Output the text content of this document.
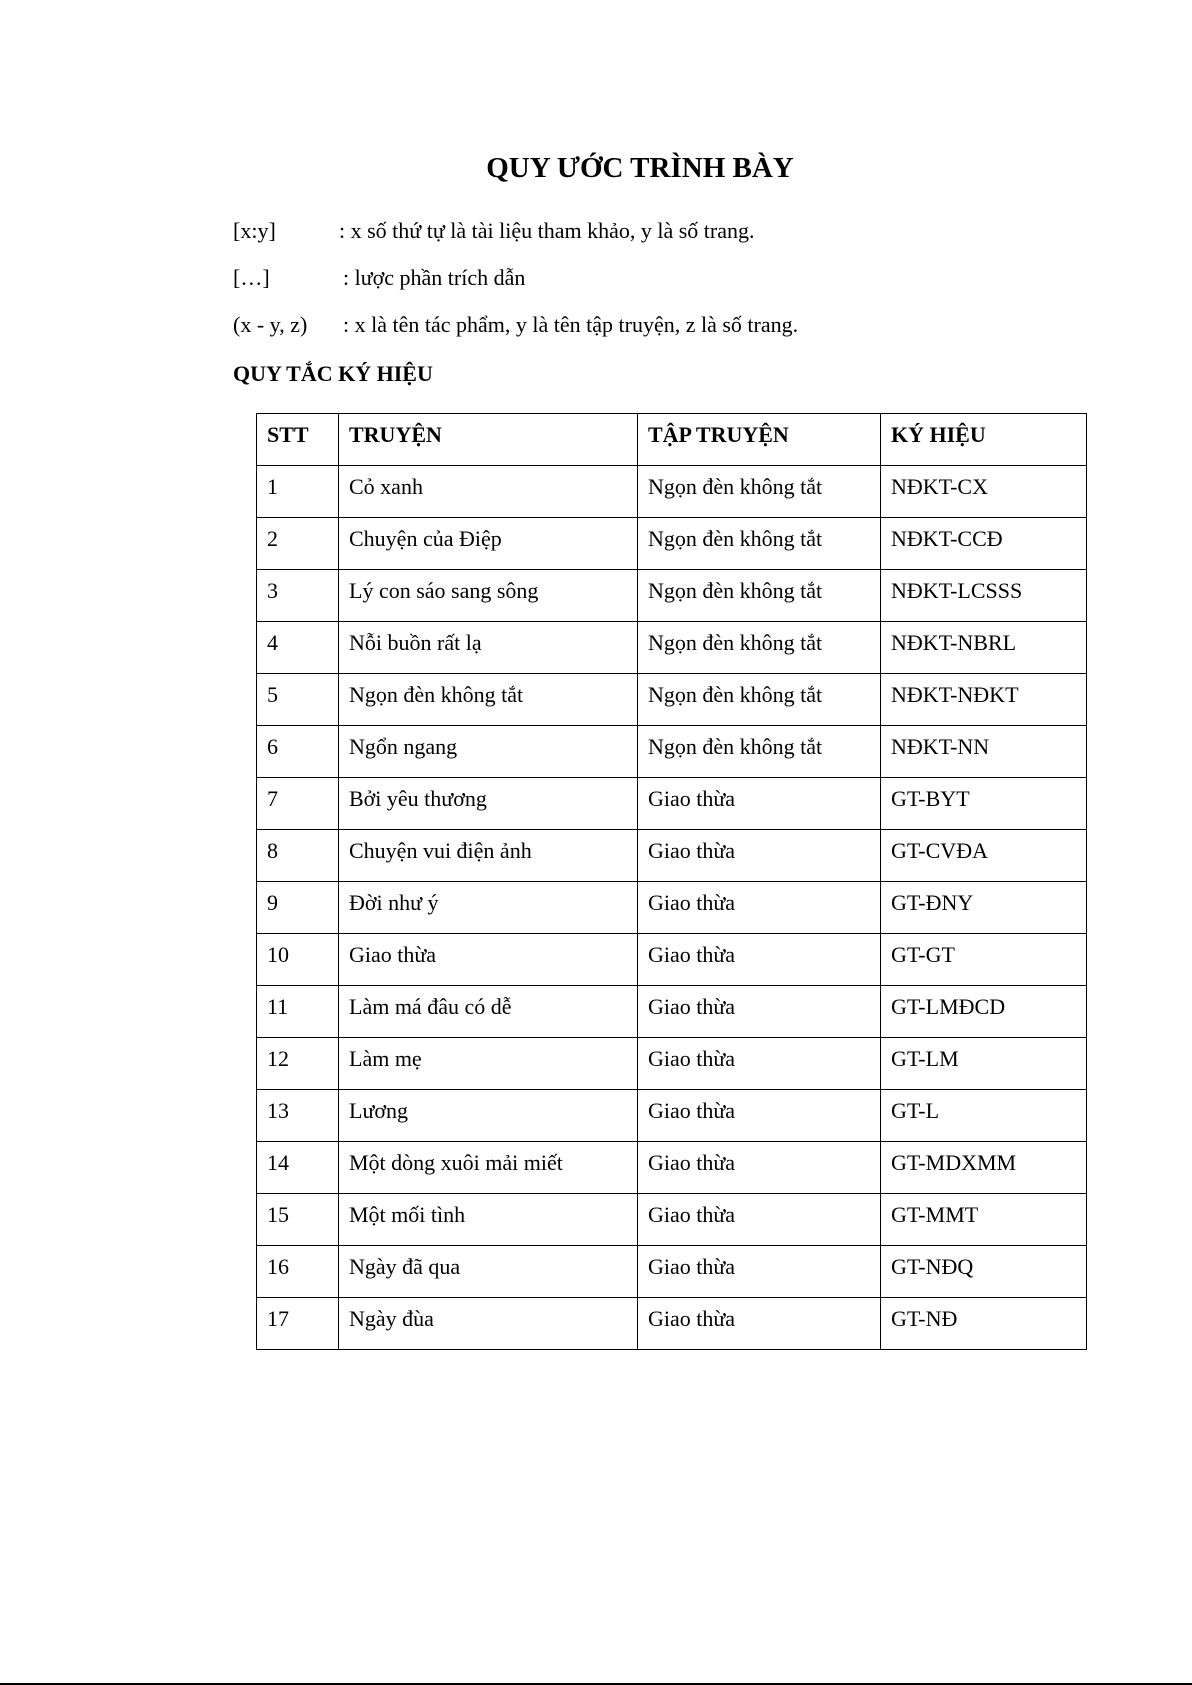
QUY ƯỚC TRÌNH BÀY
[x:y]	: x số thứ tự là tài liệu tham khảo, y là số trang.
[…]	: lược phần trích dẫn
(x - y, z) : x là tên tác phẩm, y là tên tập truyện, z là số trang.
QUY TẮC KÝ HIỆU
STT	TRUYỆN	TẬP TRUYỆN	KÝ HIỆU
1	Cỏ xanh	Ngọn đèn không tắt	NĐKT-CX
2	Chuyện của Điệp	Ngọn đèn không tắt	NĐKT-CCĐ
3	Lý con sáo sang sông	Ngọn đèn không tắt	NĐKT-LCSSS
4	Nỗi buồn rất lạ	Ngọn đèn không tắt	NĐKT-NBRL
5	Ngọn đèn không tắt	Ngọn đèn không tắt	NĐKT-NĐKT
6	Ngổn ngang	Ngọn đèn không tắt	NĐKT-NN
7	Bởi yêu thương	Giao thừa	GT-BYT
8	Chuyện vui điện ảnh	Giao thừa	GT-CVĐA
9	Đời như ý	Giao thừa	GT-ĐNY
10	Giao thừa	Giao thừa	GT-GT
11	Làm má đâu có dễ	Giao thừa	GT-LMĐCD
12	Làm mẹ	Giao thừa	GT-LM
13	Lương	Giao thừa	GT-L
14	Một dòng xuôi mải miết	Giao thừa	GT-MDXMM
15	Một mối tình	Giao thừa	GT-MMT
16	Ngày đã qua	Giao thừa	GT-NĐQ
17	Ngày đùa	Giao thừa	GT-NĐ
